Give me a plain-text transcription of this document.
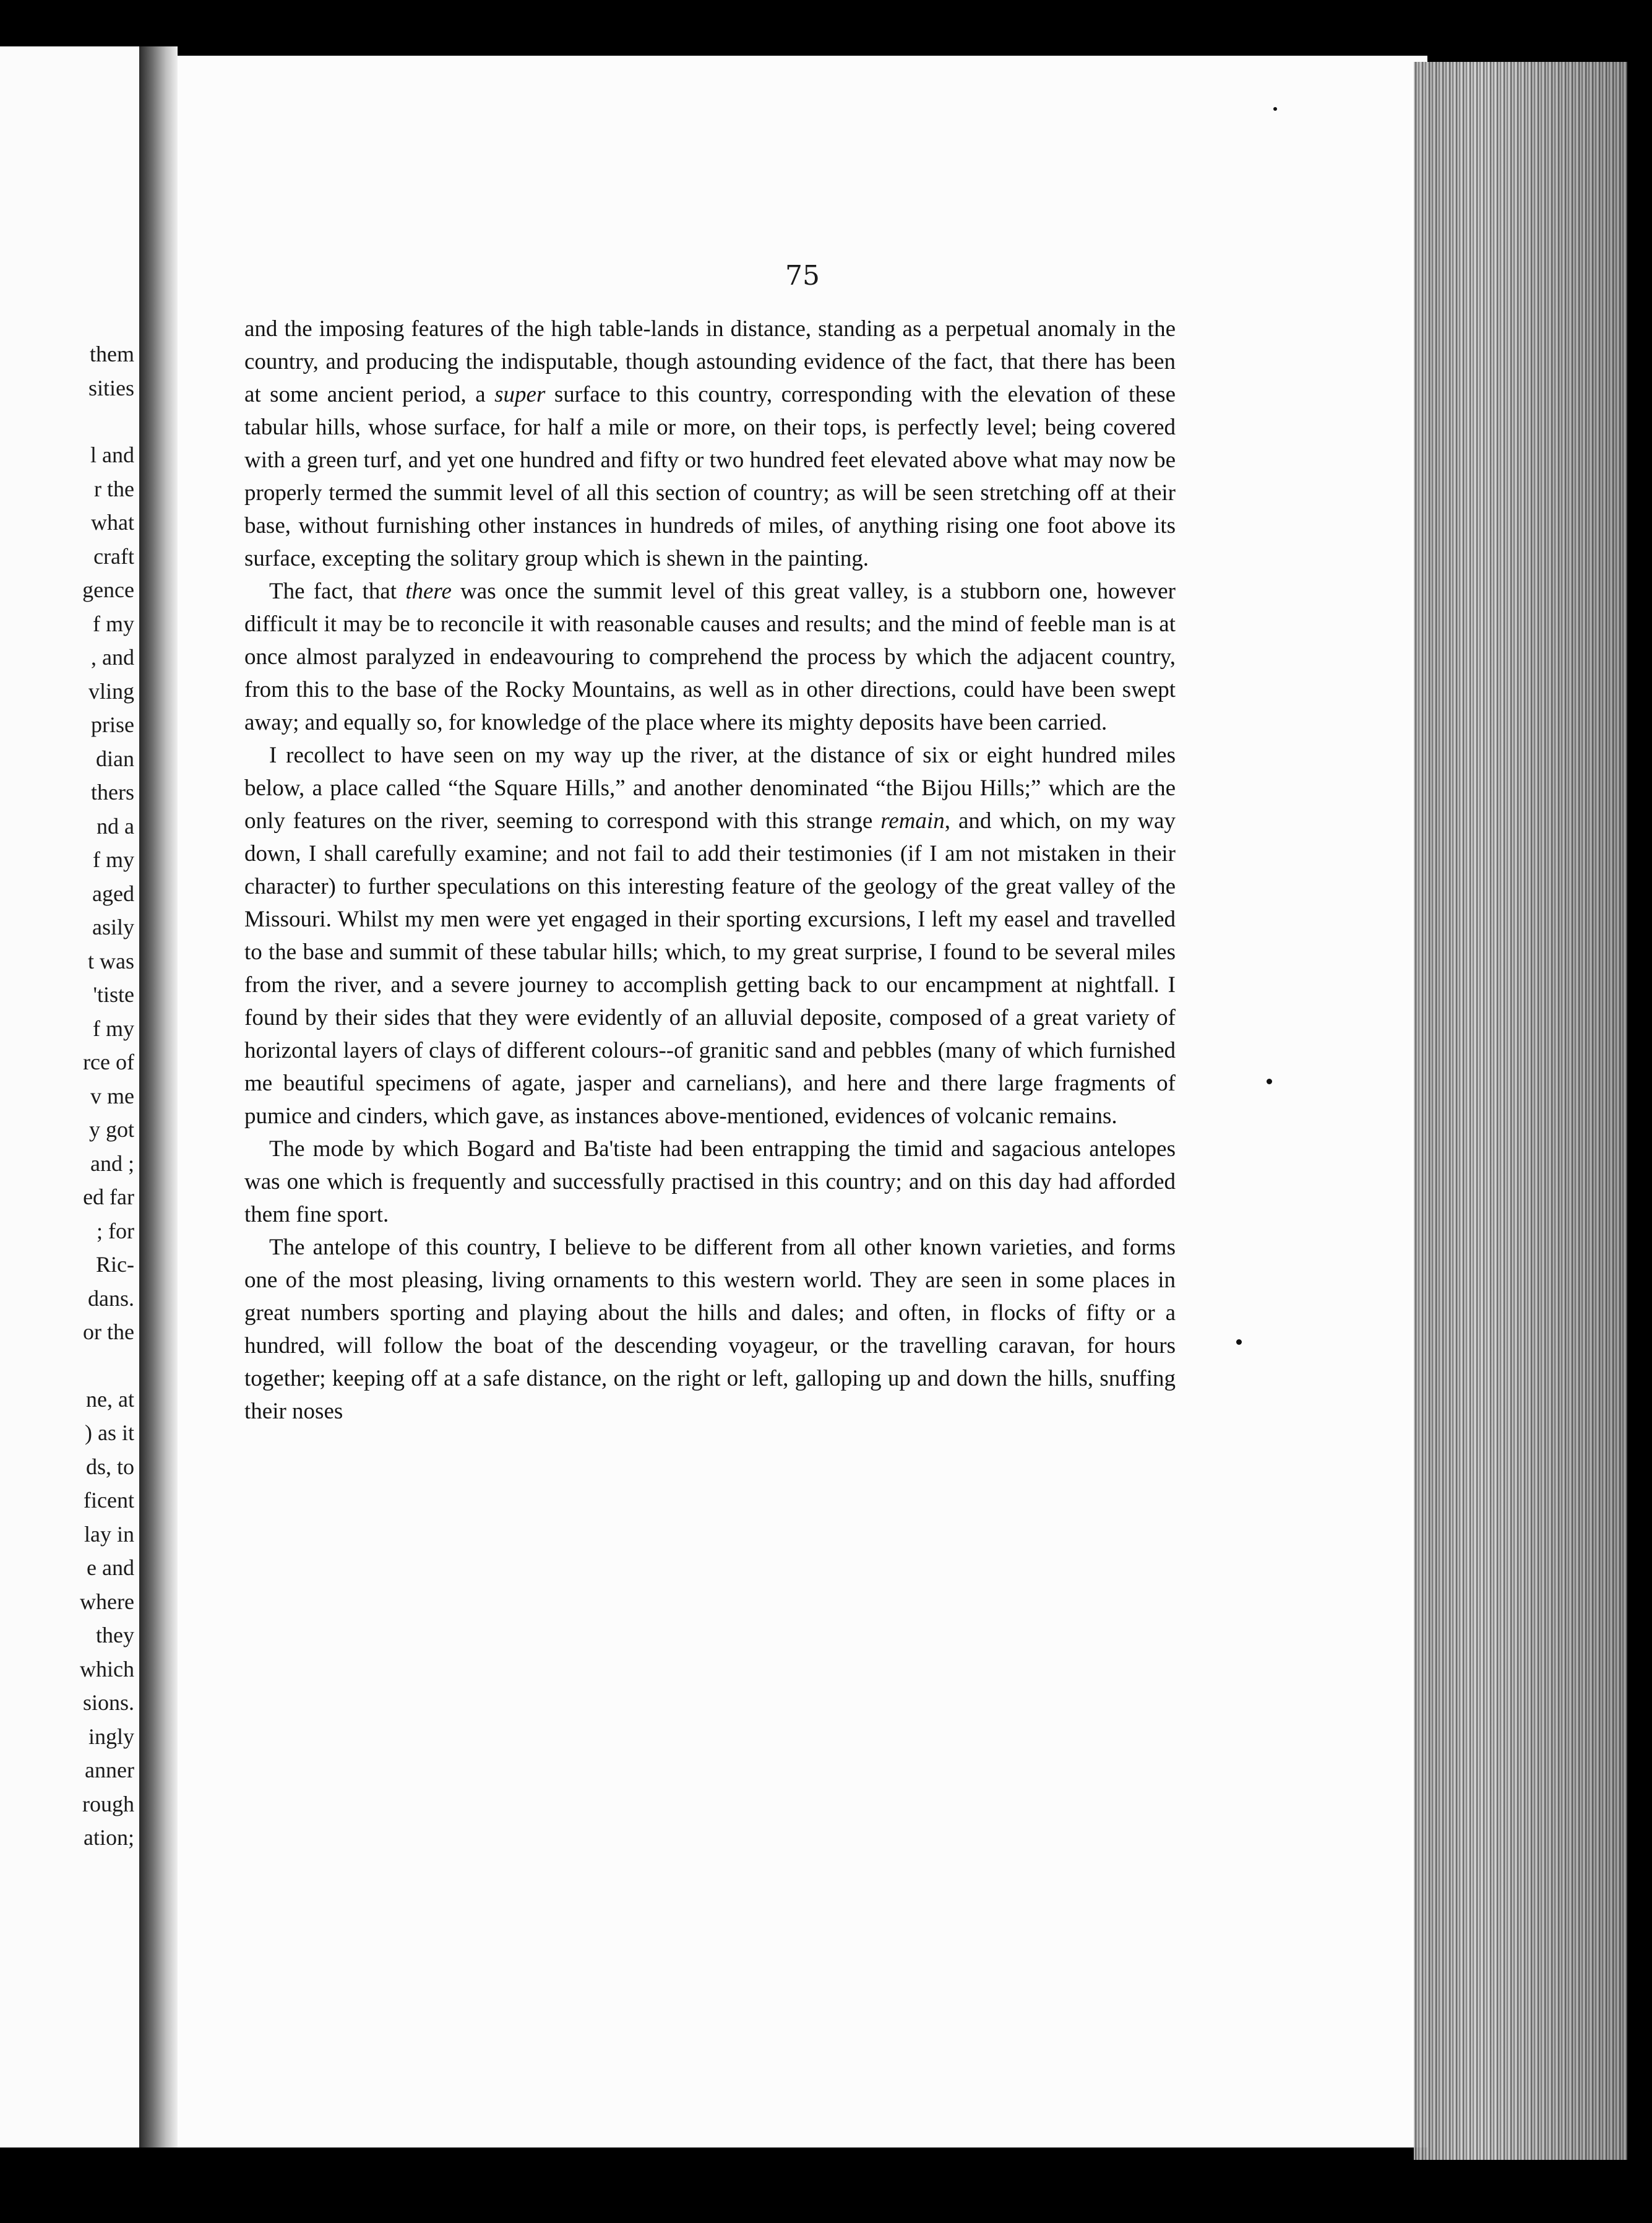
them
sities

l and
r the
what
craft
gence
f my
, and
vling
prise
dian
thers
nd a
f my
aged
asily
t was
'tiste
f my
rce of
v me
y got
and ;
ed far
; for
Ric-
dans.
or the

ne, at
) as it
ds, to
ficent
lay in
e and
where
they
which
sions.
ingly
anner
rough
ation;
75

and the imposing features of the high table-lands in distance, standing as a perpetual anomaly in the country, and producing the indisputable, though astounding evidence of the fact, that there has been at some ancient period, a super surface to this country, corresponding with the elevation of these tabular hills, whose surface, for half a mile or more, on their tops, is perfectly level; being covered with a green turf, and yet one hundred and fifty or two hundred feet elevated above what may now be properly termed the summit level of all this section of country; as will be seen stretching off at their base, without furnishing other instances in hundreds of miles, of anything rising one foot above its surface, excepting the solitary group which is shewn in the painting.

The fact, that there was once the summit level of this great valley, is a stubborn one, however difficult it may be to reconcile it with reasonable causes and results; and the mind of feeble man is at once almost paralyzed in endeavouring to comprehend the process by which the adjacent country, from this to the base of the Rocky Mountains, as well as in other directions, could have been swept away; and equally so, for knowledge of the place where its mighty deposits have been carried.

I recollect to have seen on my way up the river, at the distance of six or eight hundred miles below, a place called “the Square Hills,” and another denominated “the Bijou Hills;” which are the only features on the river, seeming to correspond with this strange remain, and which, on my way down, I shall carefully examine; and not fail to add their testimonies (if I am not mistaken in their character) to further speculations on this interesting feature of the geology of the great valley of the Missouri. Whilst my men were yet engaged in their sporting excursions, I left my easel and travelled to the base and summit of these tabular hills; which, to my great surprise, I found to be several miles from the river, and a severe journey to accomplish getting back to our encampment at nightfall. I found by their sides that they were evidently of an alluvial deposite, composed of a great variety of horizontal layers of clays of different colours--of granitic sand and pebbles (many of which furnished me beautiful specimens of agate, jasper and carnelians), and here and there large fragments of pumice and cinders, which gave, as instances above-mentioned, evidences of volcanic remains.

The mode by which Bogard and Ba'tiste had been entrapping the timid and sagacious antelopes was one which is frequently and successfully practised in this country; and on this day had afforded them fine sport.

The antelope of this country, I believe to be different from all other known varieties, and forms one of the most pleasing, living ornaments to this western world. They are seen in some places in great numbers sporting and playing about the hills and dales; and often, in flocks of fifty or a hundred, will follow the boat of the descending voyageur, or the travelling caravan, for hours together; keeping off at a safe distance, on the right or left, galloping up and down the hills, snuffing their noses
